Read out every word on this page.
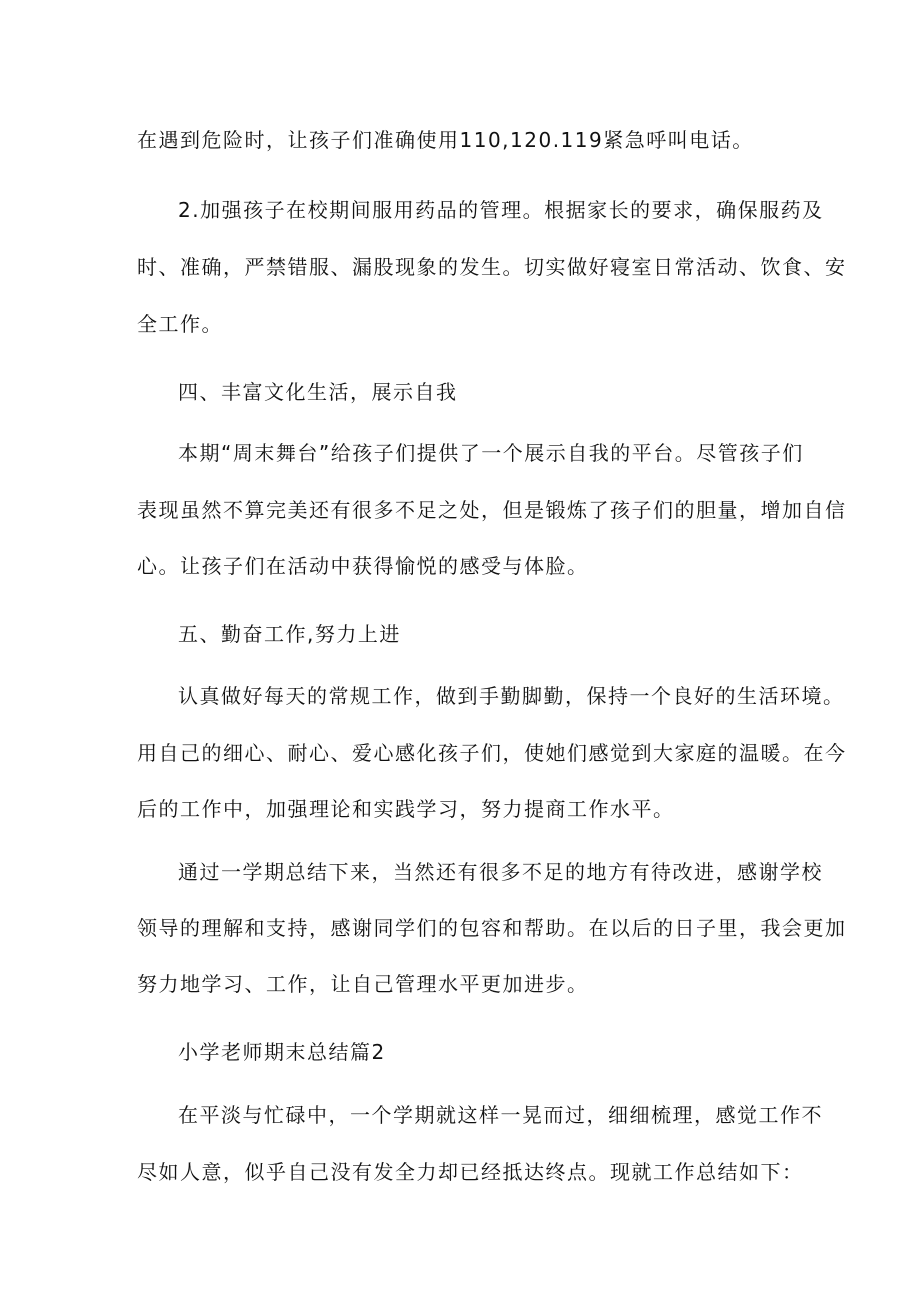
在遇到危险时，让孩子们准确使用110,120.119紧急呼叫电话。
2.加强孩子在校期间服用药品的管理。根据家长的要求，确保服药及
时、准确，严禁错服、漏股现象的发生。切实做好寝室日常活动、饮食、安
全工作。
四、丰富文化生活，展示自我
本期“周末舞台”给孩子们提供了一个展示自我的平台。尽管孩子们
表现虽然不算完美还有很多不足之处，但是锻炼了孩子们的胆量，增加自信
心。让孩子们在活动中获得愉悦的感受与体脸。
五、勤奋工作,努力上进
认真做好每天的常规工作，做到手勤脚勤，保持一个良好的生活环境。
用自己的细心、耐心、爱心感化孩子们，使她们感觉到大家庭的温暖。在今
后的工作中，加强理论和实践学习，努力提商工作水平。
通过一学期总结下来，当然还有很多不足的地方有待改进，感谢学校
领导的理解和支持，感谢同学们的包容和帮助。在以后的日子里，我会更加
努力地学习、工作，让自己管理水平更加进步。
小学老师期末总结篇2
在平淡与忙碌中，一个学期就这样一晃而过，细细梳理，感觉工作不
尽如人意，似乎自己没有发全力却已经抵达终点。现就工作总结如下：
